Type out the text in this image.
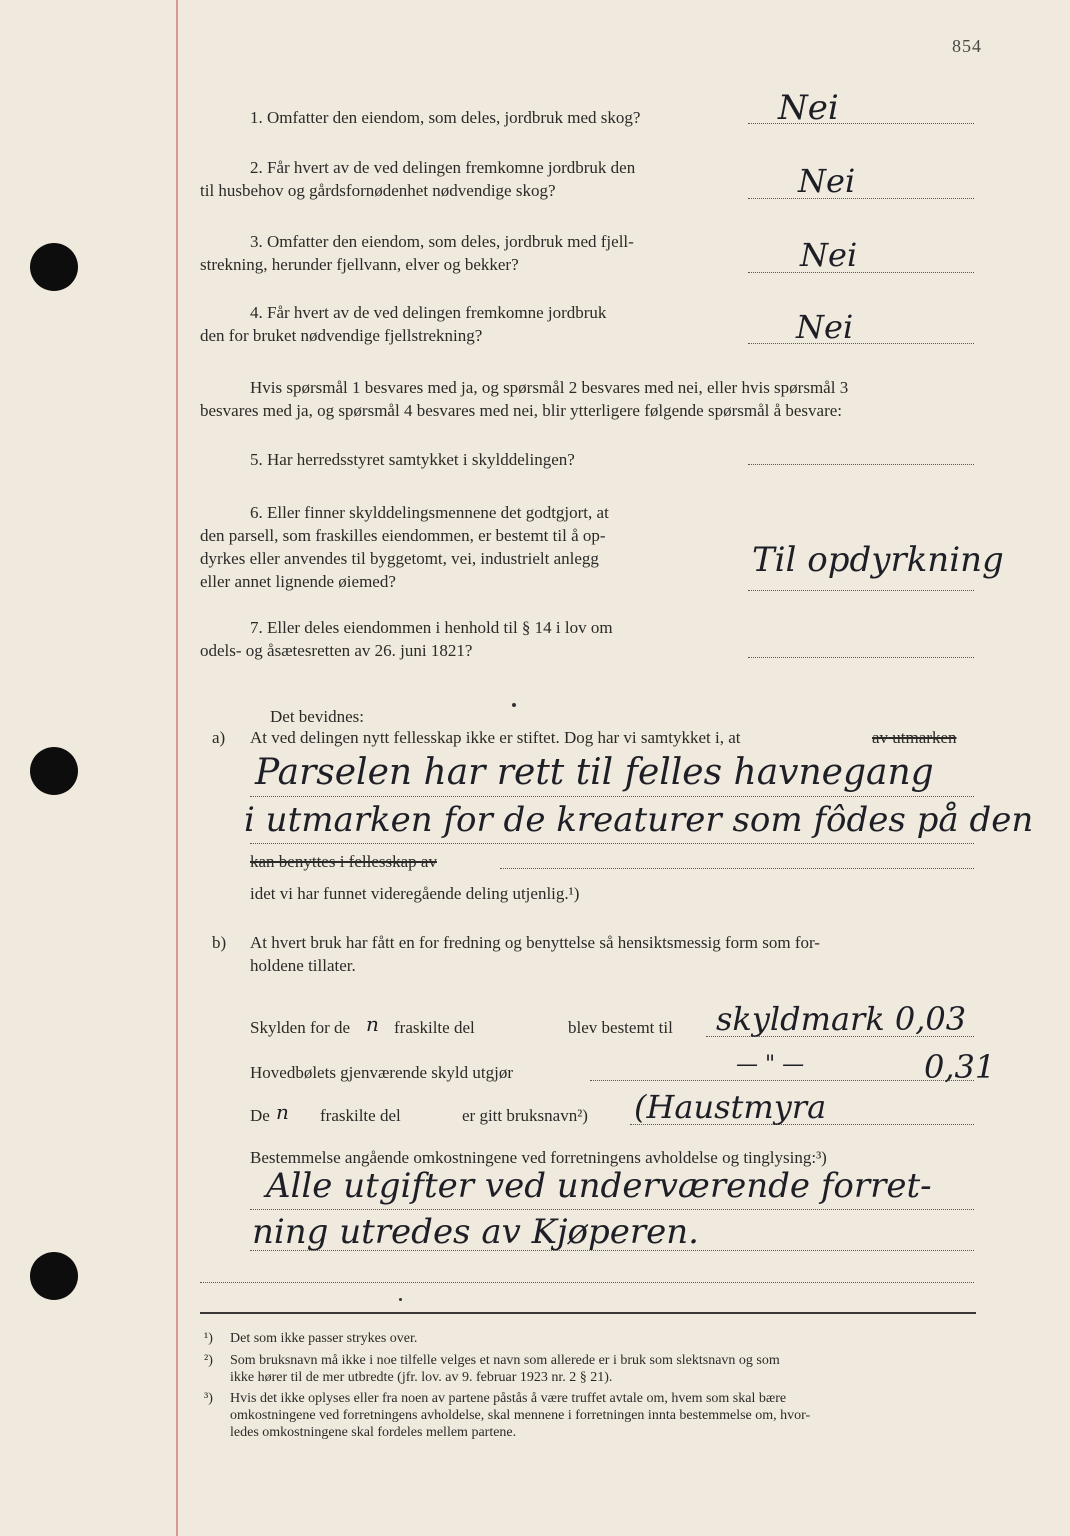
854
1. Omfatter den eiendom, som deles, jordbruk med skog?	Nei
2. Får hvert av de ved delingen fremkomne jordbruk den
til husbehov og gårdsfornødenhet nødvendige skog?	Nei
3. Omfatter den eiendom, som deles, jordbruk med fjell-
strekning, herunder fjellvann, elver og bekker?	Nei
4. Får hvert av de ved delingen fremkomne jordbruk
den for bruket nødvendige fjellstrekning?	Nei
Hvis spørsmål 1 besvares med ja, og spørsmål 2 besvares med nei, eller hvis spørsmål 3
besvares med ja, og spørsmål 4 besvares med nei, blir ytterligere følgende spørsmål å besvare:
5. Har herredsstyret samtykket i skylddelingen?
6. Eller finner skylddelingsmennene det godtgjort, at
den parsell, som fraskilles eiendommen, er bestemt til å op-
dyrkes eller anvendes til byggetomt, vei, industrielt anlegg
eller annet lignende øiemed?
Til opdyrkning
7. Eller deles eiendommen i henhold til § 14 i lov om
odels- og åsætesretten av 26. juni 1821?
Det bevidnes:
a) At ved delingen nytt fellesskap ikke er stiftet. Dog har vi samtykket i, at	av utmarken
Parselen har rett til felles havnegang
i utmarken for de kreaturer som fôdes på den
kan benyttes i fellesskap av
idet vi har funnet videregående deling utjenlig.¹)
b) At hvert bruk har fått en for fredning og benyttelse så hensiktsmessig form som for-
holdene tillater.
Skylden for de n fraskilte del	blev bestemt til skyldmark 0,03
Hovedbølets gjenværende skyld utgjør	— " —	0,31
De n fraskilte del	er gitt bruksnavn²) (Haustmyra
Bestemmelse angående omkostningene ved forretningens avholdelse og tinglysing:³)
Alle utgifter ved underværende forret-
ning utredes av Kjøperen.
¹) Det som ikke passer strykes over.
²) Som bruksnavn må ikke i noe tilfelle velges et navn som allerede er i bruk som slektsnavn og som
ikke hører til de mer utbredte (jfr. lov. av 9. februar 1923 nr. 2 § 21).
³) Hvis det ikke oplyses eller fra noen av partene påstås å være truffet avtale om, hvem som skal bære
omkostningene ved forretningens avholdelse, skal mennene i forretningen innta bestemmelse om, hvor-
ledes omkostningene skal fordeles mellem partene.
